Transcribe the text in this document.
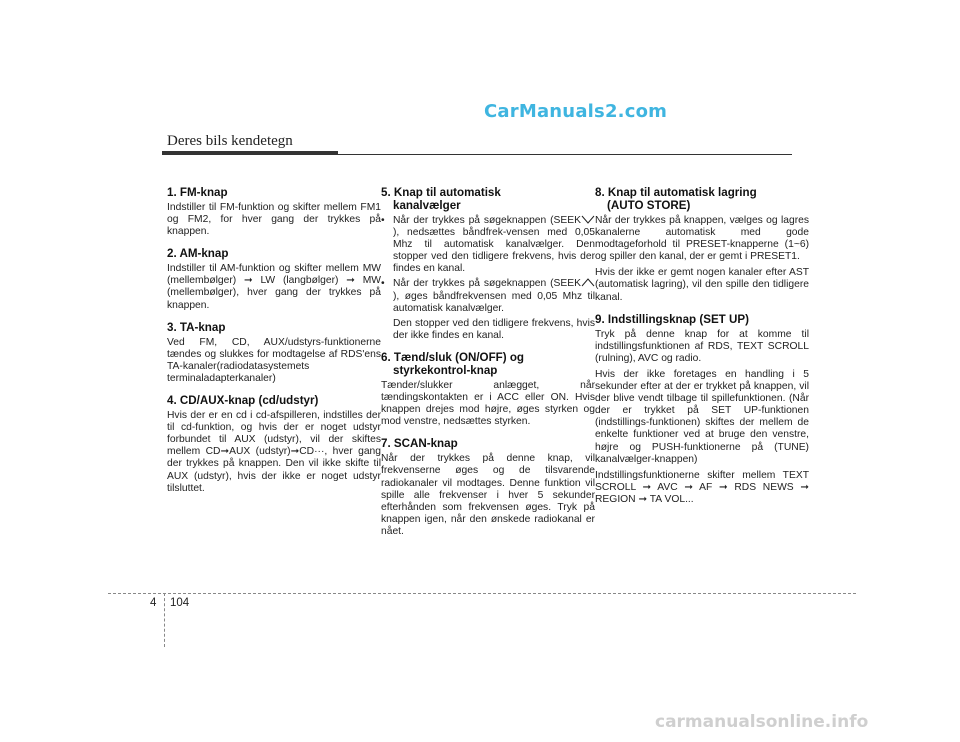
CarManuals2.com
Deres bils kendetegn
1. FM-knap
Indstiller til FM-funktion og skifter mellem FM1 og FM2, for hver gang der trykkes på knappen.
2. AM-knap
Indstiller til AM-funktion og skifter mellem MW (mellembølger) ➞ LW (langbølger) ➞ MW (mellembølger), hver gang der trykkes på knappen.
3. TA-knap
Ved FM, CD, AUX/udstyrs-funktionerne tændes og slukkes for modtagelse af RDS'ens TA-kanaler(radiodatasystemets terminaladapterkanaler)
4. CD/AUX-knap (cd/udstyr)
Hvis der er en cd i cd-afspilleren, indstilles der til cd-funktion, og hvis der er noget udstyr forbundet til AUX (udstyr), vil der skiftes mellem CD➞AUX (udstyr)➞CD···, hver gang der trykkes på knappen. Den vil ikke skifte til AUX (udstyr), hvis der ikke er noget udstyr tilsluttet.
5. Knap til automatisk
kanalvælger
• Når der trykkes på søgeknappen (SEEK
), nedsættes båndfrek-vensen med 0,05 Mhz til automatisk kanalvælger. Den stopper ved den tidligere frekvens, hvis der findes en kanal.
• Når der trykkes på søgeknappen (SEEK
), øges båndfrekvensen med 0,05 Mhz til automatisk kanalvælger.
Den stopper ved den tidligere frekvens, hvis der ikke findes en kanal.
6. Tænd/sluk (ON/OFF) og
styrkekontrol-knap
Tænder/slukker anlægget, når tændingskontakten er i ACC eller ON. Hvis knappen drejes mod højre, øges styrken og mod venstre, nedsættes styrken.
7. SCAN-knap
Når der trykkes på denne knap, vil frekvenserne øges og de tilsvarende radiokanaler vil modtages. Denne funktion vil spille alle frekvenser i hver 5 sekunder efterhånden som frekvensen øges. Tryk på knappen igen, når den ønskede radiokanal er nået.
8. Knap til automatisk lagring
(AUTO STORE)
Når der trykkes på knappen, vælges og lagres kanalerne automatisk med gode modtageforhold til PRESET-knapperne (1~6) og spiller den kanal, der er gemt i PRESET1.
Hvis der ikke er gemt nogen kanaler efter AST (automatisk lagring), vil den spille den tidligere kanal.
9. Indstillingsknap (SET UP)
Tryk på denne knap for at komme til indstillingsfunktionen af RDS, TEXT SCROLL (rulning), AVC og radio.
Hvis der ikke foretages en handling i 5 sekunder efter at der er trykket på knappen, vil der blive vendt tilbage til spillefunktionen. (Når der er trykket på SET UP-funktionen (indstillings-funktionen) skiftes der mellem de enkelte funktioner ved at bruge den venstre, højre og PUSH-funktionerne på (TUNE) kanalvælger-knappen)
Indstillingsfunktionerne skifter mellem TEXT SCROLL ➞ AVC ➞ AF ➞ RDS NEWS ➞ REGION ➞ TA VOL...
4 104
carmanualsonline.info
